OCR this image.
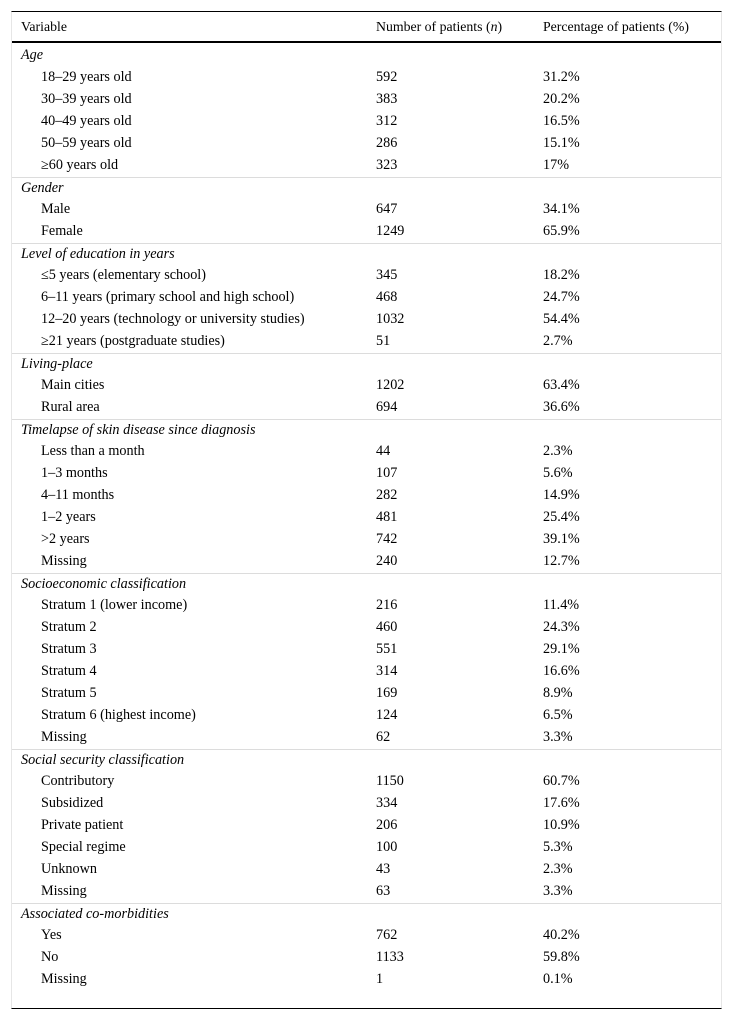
Variable	Number of patients (n)	Percentage of patients (%)
Age
18–29 years old	592	31.2%
30–39 years old	383	20.2%
40–49 years old	312	16.5%
50–59 years old	286	15.1%
≥60 years old	323	17%
Gender
Male	647	34.1%
Female	1249	65.9%
Level of education in years
≤5 years (elementary school)	345	18.2%
6–11 years (primary school and high school)	468	24.7%
12–20 years (technology or university studies)	1032	54.4%
≥21 years (postgraduate studies)	51	2.7%
Living-place
Main cities	1202	63.4%
Rural area	694	36.6%
Timelapse of skin disease since diagnosis
Less than a month	44	2.3%
1–3 months	107	5.6%
4–11 months	282	14.9%
1–2 years	481	25.4%
>2 years	742	39.1%
Missing	240	12.7%
Socioeconomic classification
Stratum 1 (lower income)	216	11.4%
Stratum 2	460	24.3%
Stratum 3	551	29.1%
Stratum 4	314	16.6%
Stratum 5	169	8.9%
Stratum 6 (highest income)	124	6.5%
Missing	62	3.3%
Social security classification
Contributory	1150	60.7%
Subsidized	334	17.6%
Private patient	206	10.9%
Special regime	100	5.3%
Unknown	43	2.3%
Missing	63	3.3%
Associated co-morbidities
Yes	762	40.2%
No	1133	59.8%
Missing	1	0.1%
